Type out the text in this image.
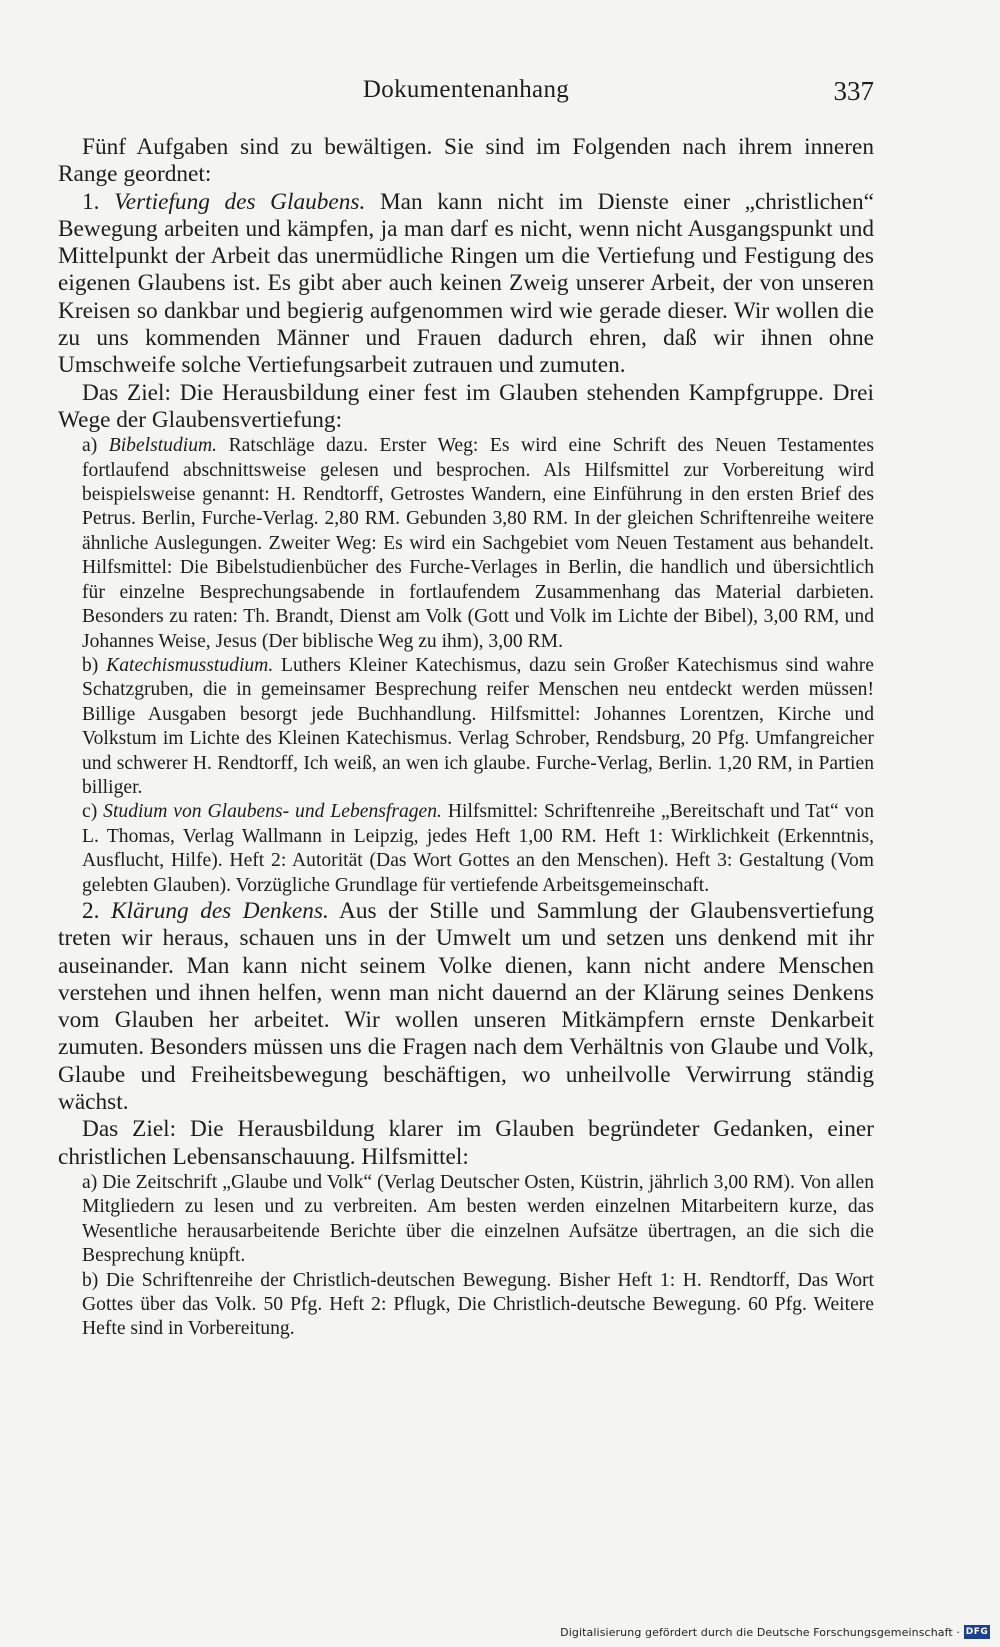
Dokumentenanhang	337

Fünf Aufgaben sind zu bewältigen. Sie sind im Folgenden nach ihrem inneren Range geordnet:

1. Vertiefung des Glaubens. Man kann nicht im Dienste einer „christlichen“ Bewegung arbeiten und kämpfen, ja man darf es nicht, wenn nicht Ausgangspunkt und Mittelpunkt der Arbeit das unermüdliche Ringen um die Vertiefung und Festigung des eigenen Glaubens ist. Es gibt aber auch keinen Zweig unserer Arbeit, der von unseren Kreisen so dankbar und begierig aufgenommen wird wie gerade dieser. Wir wollen die zu uns kommenden Männer und Frauen dadurch ehren, daß wir ihnen ohne Umschweife solche Vertiefungsarbeit zutrauen und zumuten.

Das Ziel: Die Herausbildung einer fest im Glauben stehenden Kampfgruppe. Drei Wege der Glaubensvertiefung:

a) Bibelstudium. Ratschläge dazu. Erster Weg: Es wird eine Schrift des Neuen Testamentes fortlaufend abschnittsweise gelesen und besprochen. Als Hilfsmittel zur Vorbereitung wird beispielsweise genannt: H. Rendtorff, Getrostes Wandern, eine Einführung in den ersten Brief des Petrus. Berlin, Furche-Verlag. 2,80 RM. Gebunden 3,80 RM. In der gleichen Schriftenreihe weitere ähnliche Auslegungen. Zweiter Weg: Es wird ein Sachgebiet vom Neuen Testament aus behandelt. Hilfsmittel: Die Bibelstudienbücher des Furche-Verlages in Berlin, die handlich und übersichtlich für einzelne Besprechungsabende in fortlaufendem Zusammenhang das Material darbieten. Besonders zu raten: Th. Brandt, Dienst am Volk (Gott und Volk im Lichte der Bibel), 3,00 RM, und Johannes Weise, Jesus (Der biblische Weg zu ihm), 3,00 RM.

b) Katechismusstudium. Luthers Kleiner Katechismus, dazu sein Großer Katechismus sind wahre Schatzgruben, die in gemeinsamer Besprechung reifer Menschen neu entdeckt werden müssen! Billige Ausgaben besorgt jede Buchhandlung. Hilfsmittel: Johannes Lorentzen, Kirche und Volkstum im Lichte des Kleinen Katechismus. Verlag Schrober, Rendsburg, 20 Pfg. Umfangreicher und schwerer H. Rendtorff, Ich weiß, an wen ich glaube. Furche-Verlag, Berlin. 1,20 RM, in Partien billiger.

c) Studium von Glaubens- und Lebensfragen. Hilfsmittel: Schriftenreihe „Bereitschaft und Tat“ von L. Thomas, Verlag Wallmann in Leipzig, jedes Heft 1,00 RM. Heft 1: Wirklichkeit (Erkenntnis, Ausflucht, Hilfe). Heft 2: Autorität (Das Wort Gottes an den Menschen). Heft 3: Gestaltung (Vom gelebten Glauben). Vorzügliche Grundlage für vertiefende Arbeitsgemeinschaft.

2. Klärung des Denkens. Aus der Stille und Sammlung der Glaubensvertiefung treten wir heraus, schauen uns in der Umwelt um und setzen uns denkend mit ihr auseinander. Man kann nicht seinem Volke dienen, kann nicht andere Menschen verstehen und ihnen helfen, wenn man nicht dauernd an der Klärung seines Denkens vom Glauben her arbeitet. Wir wollen unseren Mitkämpfern ernste Denkarbeit zumuten. Besonders müssen uns die Fragen nach dem Verhältnis von Glaube und Volk, Glaube und Freiheitsbewegung beschäftigen, wo unheilvolle Verwirrung ständig wächst.

Das Ziel: Die Herausbildung klarer im Glauben begründeter Gedanken, einer christlichen Lebensanschauung. Hilfsmittel:

a) Die Zeitschrift „Glaube und Volk“ (Verlag Deutscher Osten, Küstrin, jährlich 3,00 RM). Von allen Mitgliedern zu lesen und zu verbreiten. Am besten werden einzelnen Mitarbeitern kurze, das Wesentliche herausarbeitende Berichte über die einzelnen Aufsätze übertragen, an die sich die Besprechung knüpft.

b) Die Schriftenreihe der Christlich-deutschen Bewegung. Bisher Heft 1: H. Rendtorff, Das Wort Gottes über das Volk. 50 Pfg. Heft 2: Pflugk, Die Christlich-deutsche Bewegung. 60 Pfg. Weitere Hefte sind in Vorbereitung.

Digitalisierung gefördert durch die Deutsche Forschungsgemeinschaft · DFG
